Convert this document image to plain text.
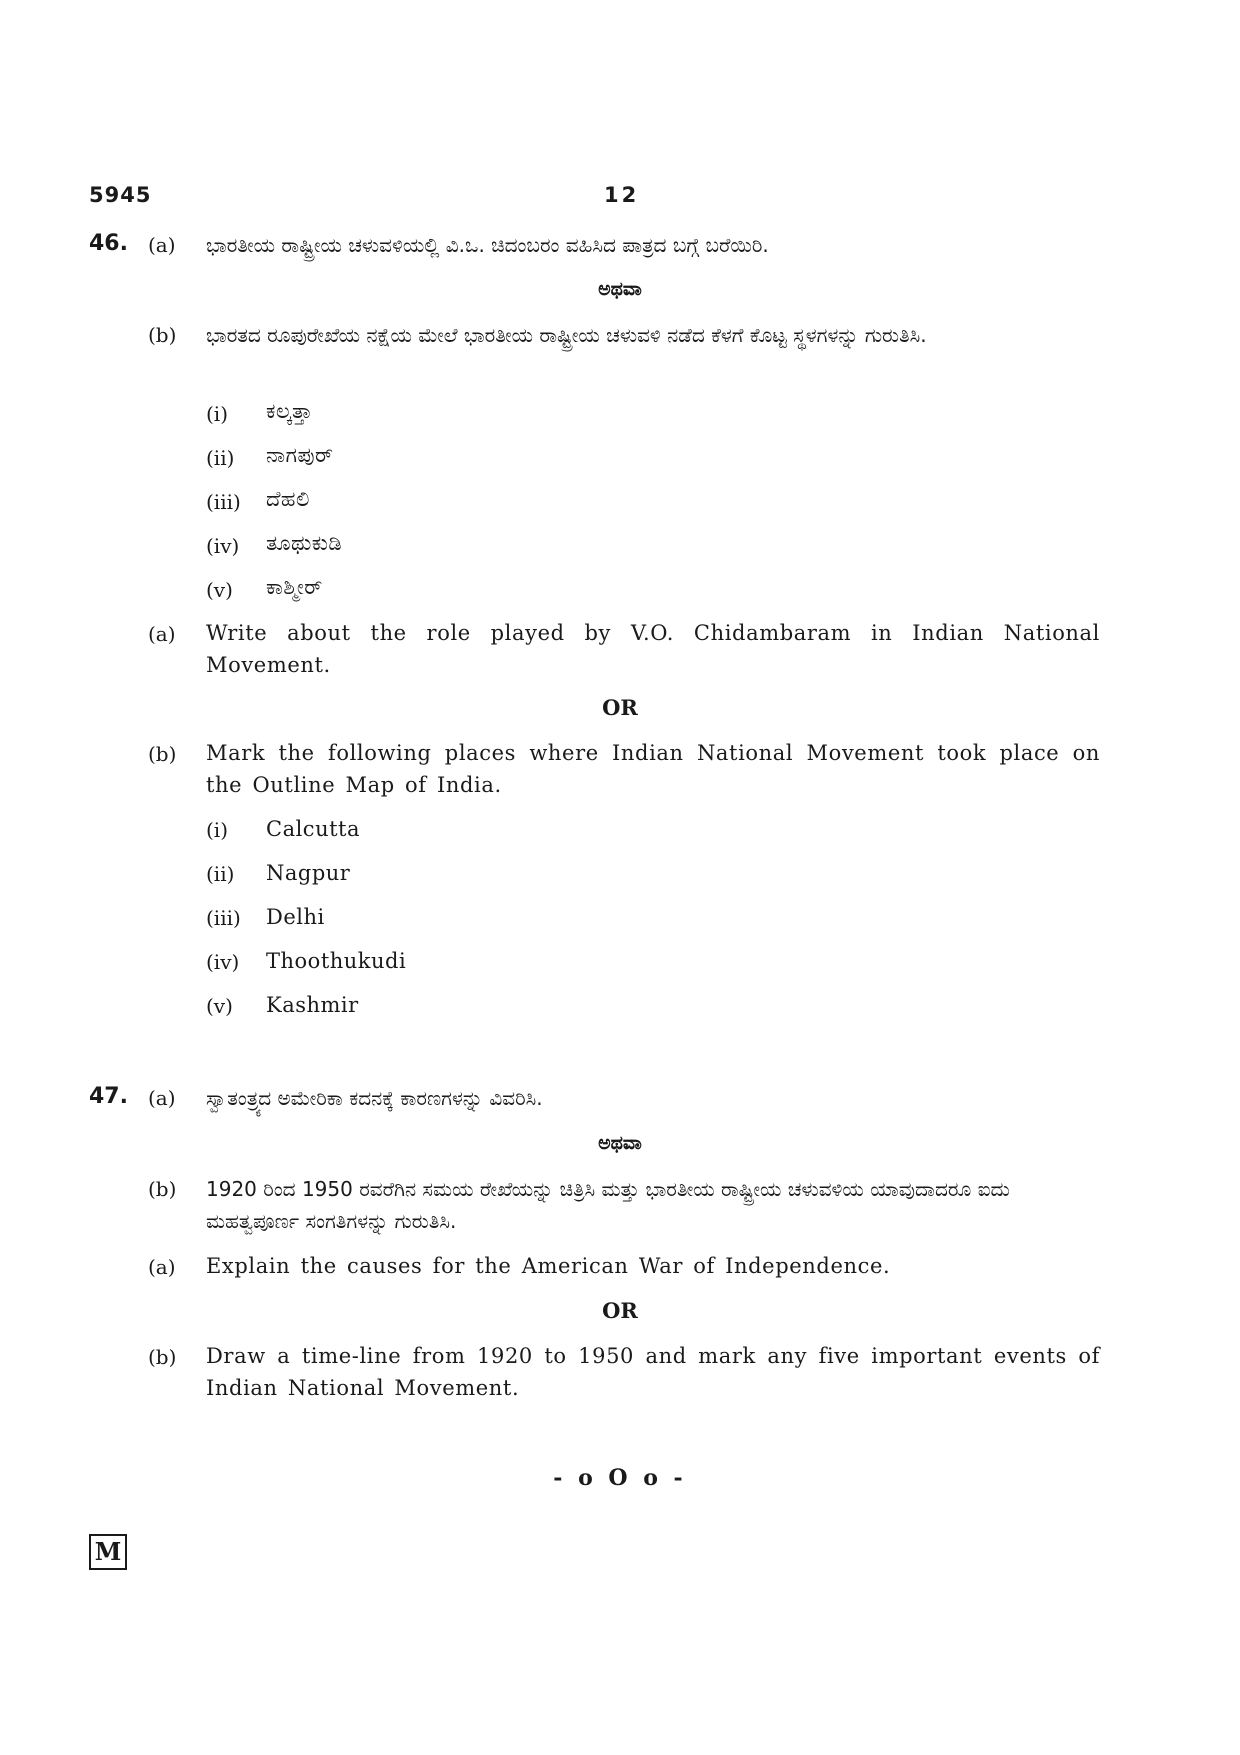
5945	12
46. (a) ಭಾರತೀಯ ರಾಷ್ಟ್ರೀಯ ಚಳುವಳಿಯಲ್ಲಿ ವಿ.ಒ. ಚಿದಂಬರಂ ವಹಿಸಿದ ಪಾತ್ರದ ಬಗ್ಗೆ ಬರೆಯಿರಿ.
ಅಥವಾ
(b) ಭಾರತದ ರೂಪುರೇಖೆಯ ನಕ್ಷೆಯ ಮೇಲೆ ಭಾರತೀಯ ರಾಷ್ಟ್ರೀಯ ಚಳುವಳಿ ನಡೆದ ಕೆಳಗೆ ಕೊಟ್ಟ ಸ್ಥಳಗಳನ್ನು ಗುರುತಿಸಿ.
(i) ಕಲ್ಕತ್ತಾ
(ii) ನಾಗಪುರ್
(iii) ದೆಹಲಿ
(iv) ತೂಥುಕುಡಿ
(v) ಕಾಶ್ಮೀರ್
(a) Write about the role played by V.O. Chidambaram in Indian National Movement.
OR
(b) Mark the following places where Indian National Movement took place on the Outline Map of India.
(i) Calcutta
(ii) Nagpur
(iii) Delhi
(iv) Thoothukudi
(v) Kashmir
47. (a) ಸ್ವಾತಂತ್ರ್ಯದ ಅಮೇರಿಕಾ ಕದನಕ್ಕೆ ಕಾರಣಗಳನ್ನು ವಿವರಿಸಿ.
ಅಥವಾ
(b) 1920 ರಿಂದ 1950 ರವರೆಗಿನ ಸಮಯ ರೇಖೆಯನ್ನು ಚಿತ್ರಿಸಿ ಮತ್ತು ಭಾರತೀಯ ರಾಷ್ಟ್ರೀಯ ಚಳುವಳಿಯ ಯಾವುದಾದರೂ ಐದು ಮಹತ್ವಪೂರ್ಣ ಸಂಗತಿಗಳನ್ನು ಗುರುತಿಸಿ.
(a) Explain the causes for the American War of Independence.
OR
(b) Draw a time-line from 1920 to 1950 and mark any five important events of Indian National Movement.
- o O o -
M
